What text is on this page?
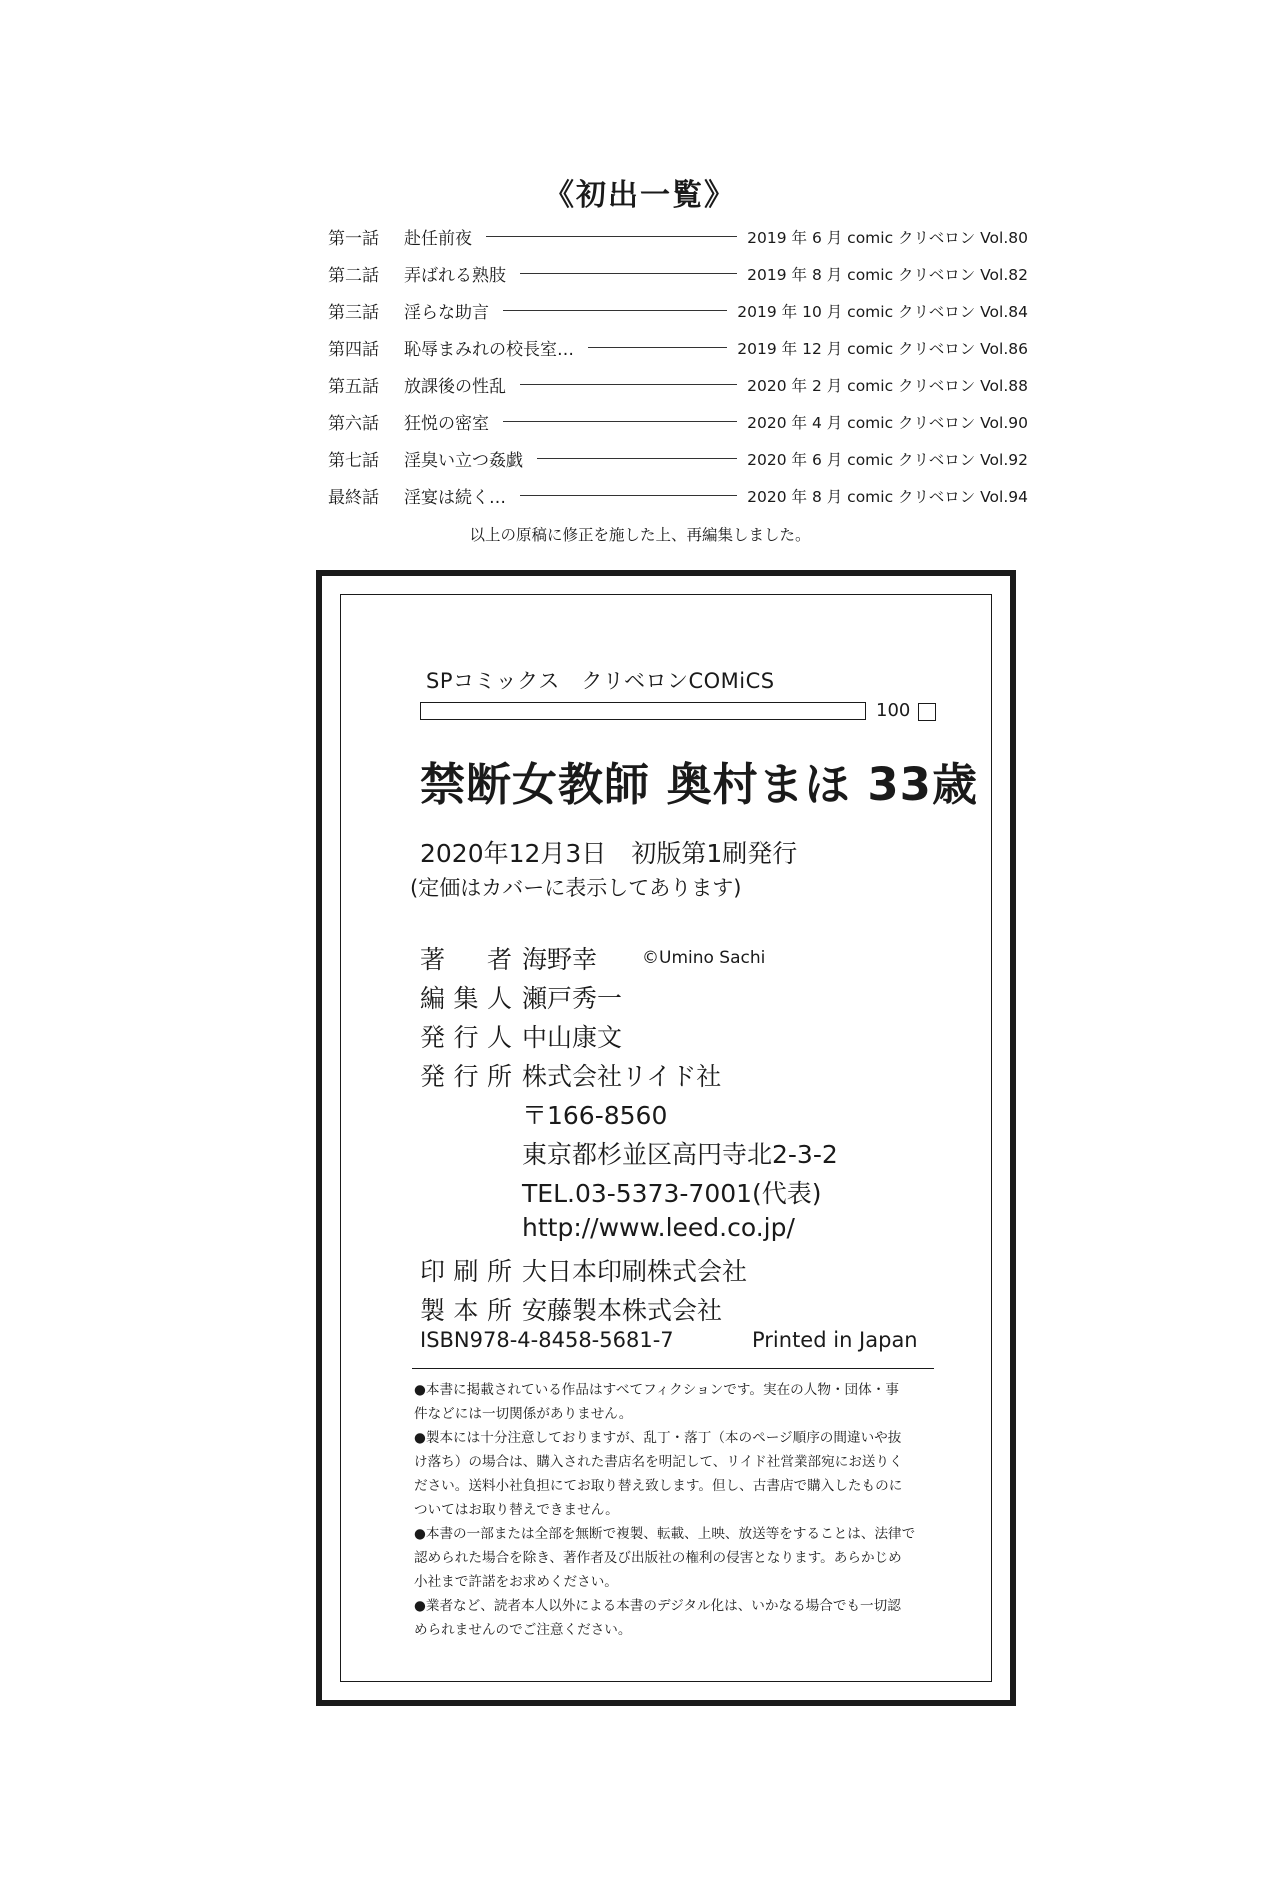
《初出一覧》
第一話	赴任前夜	2019 年 6 月 comic クリベロン Vol.80
第二話	弄ばれる熟肢	2019 年 8 月 comic クリベロン Vol.82
第三話	淫らな助言	2019 年 10 月 comic クリベロン Vol.84
第四話	恥辱まみれの校長室…	2019 年 12 月 comic クリベロン Vol.86
第五話	放課後の性乱	2020 年 2 月 comic クリベロン Vol.88
第六話	狂悦の密室	2020 年 4 月 comic クリベロン Vol.90
第七話	淫臭い立つ姦戯	2020 年 6 月 comic クリベロン Vol.92
最終話	淫宴は続く…	2020 年 8 月 comic クリベロン Vol.94
以上の原稿に修正を施した上、再編集しました。
SPコミックス　クリベロンCOMiCS
100
禁断女教師 奥村まほ 33歳
2020年12月3日　初版第1刷発行
(定価はカバーに表示してあります)
著　者 海野幸	©Umino Sachi
編集人 瀬戸秀一
発行人 中山康文
発行所 株式会社リイド社
〒166-8560
東京都杉並区高円寺北2-3-2
TEL.03-5373-7001(代表)
http://www.leed.co.jp/
印刷所 大日本印刷株式会社
製本所 安藤製本株式会社
ISBN978-4-8458-5681-7	Printed in Japan

●本書に掲載されている作品はすべてフィクションです。実在の人物・団体・事

件などには一切関係がありません。

●製本には十分注意しておりますが、乱丁・落丁（本のページ順序の間違いや抜

け落ち）の場合は、購入された書店名を明記して、リイド社営業部宛にお送りく

ださい。送料小社負担にてお取り替え致します。但し、古書店で購入したものに

ついてはお取り替えできません。

●本書の一部または全部を無断で複製、転載、上映、放送等をすることは、法律で

認められた場合を除き、著作者及び出版社の権利の侵害となります。あらかじめ

小社まで許諾をお求めください。

●業者など、読者本人以外による本書のデジタル化は、いかなる場合でも一切認

められませんのでご注意ください。
